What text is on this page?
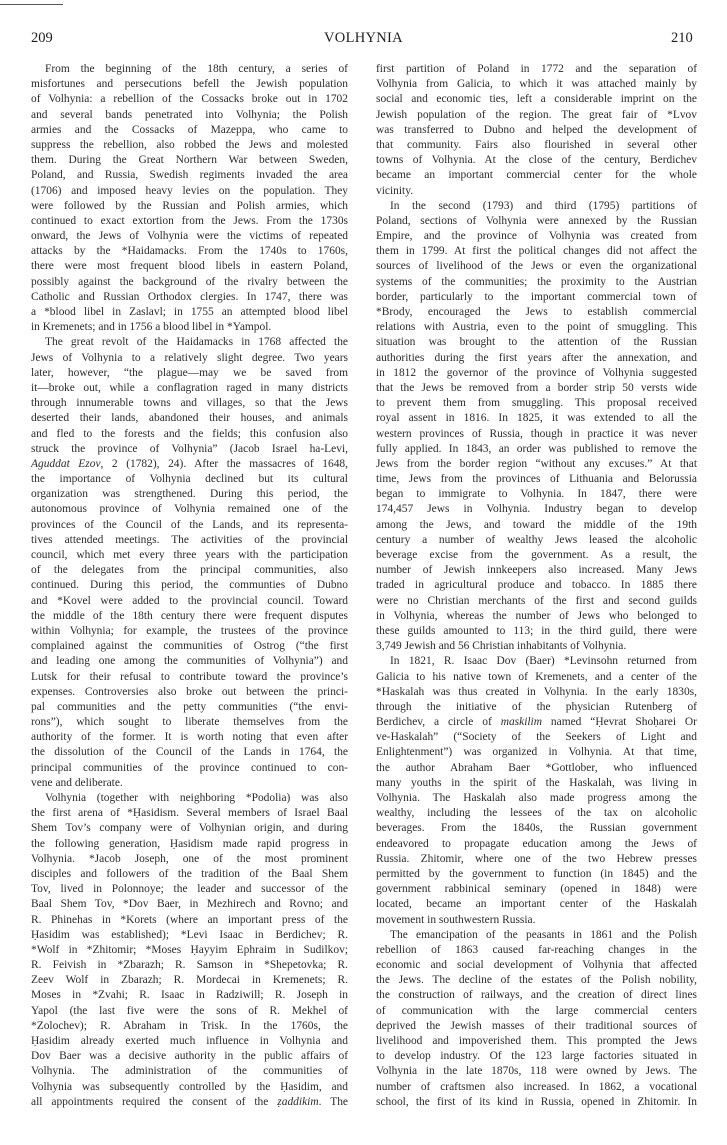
209	VOLHYNIA	210
From the beginning of the 18th century, a series of
misfortunes and persecutions befell the Jewish population
of Volhynia: a rebellion of the Cossacks broke out in 1702
and several bands penetrated into Volhynia; the Polish
armies and the Cossacks of Mazeppa, who came to
suppress the rebellion, also robbed the Jews and molested
them. During the Great Northern War between Sweden,
Poland, and Russia, Swedish regiments invaded the area
(1706) and imposed heavy levies on the population. They
were followed by the Russian and Polish armies, which
continued to exact extortion from the Jews. From the 1730s
onward, the Jews of Volhynia were the victims of repeated
attacks by the *Haidamacks. From the 1740s to 1760s,
there were most frequent blood libels in eastern Poland,
possibly against the background of the rivalry between the
Catholic and Russian Orthodox clergies. In 1747, there was
a *blood libel in Zaslavl; in 1755 an attempted blood libel
in Kremenets; and in 1756 a blood libel in *Yampol.
The great revolt of the Haidamacks in 1768 affected the
Jews of Volhynia to a relatively slight degree. Two years
later, however, “the plague—may we be saved from
it—broke out, while a conflagration raged in many districts
through innumerable towns and villages, so that the Jews
deserted their lands, abandoned their houses, and animals
and fled to the forests and the fields; this confusion also
struck the province of Volhynia” (Jacob Israel ha-Levi,
Aguddat Ezov, 2 (1782), 24). After the massacres of 1648,
the importance of Volhynia declined but its cultural
organization was strengthened. During this period, the
autonomous province of Volhynia remained one of the
provinces of the Council of the Lands, and its representa-
tives attended meetings. The activities of the provincial
council, which met every three years with the participation
of the delegates from the principal communities, also
continued. During this period, the communties of Dubno
and *Kovel were added to the provincial council. Toward
the middle of the 18th century there were frequent disputes
within Volhynia; for example, the trustees of the province
complained against the communities of Ostrog (“the first
and leading one among the communities of Volhynia”) and
Lutsk for their refusal to contribute toward the province’s
expenses. Controversies also broke out between the princi-
pal communities and the petty communities (“the envi-
rons”), which sought to liberate themselves from the
authority of the former. It is worth noting that even after
the dissolution of the Council of the Lands in 1764, the
principal communities of the province continued to con-
vene and deliberate.
Volhynia (together with neighboring *Podolia) was also
the first arena of *Ḥasidism. Several members of Israel Baal
Shem Tov’s company were of Volhynian origin, and during
the following generation, Ḥasidism made rapid progress in
Volhynia. *Jacob Joseph, one of the most prominent
disciples and followers of the tradition of the Baal Shem
Tov, lived in Polonnoye; the leader and successor of the
Baal Shem Tov, *Dov Baer, in Mezhirech and Rovno; and
R. Phinehas in *Korets (where an important press of the
Ḥasidim was established); *Levi Isaac in Berdichev; R.
*Wolf in *Zhitomir; *Moses Ḥayyim Ephraim in Sudilkov;
R. Feivish in *Zbarazh; R. Samson in *Shepetovka; R.
Zeev Wolf in Zbarazh; R. Mordecai in Kremenets; R.
Moses in *Zvahi; R. Isaac in Radziwill; R. Joseph in
Yapol (the last five were the sons of R. Mekhel of
*Zolochev); R. Abraham in Trisk. In the 1760s, the
Ḥasidim already exerted much influence in Volhynia and
Dov Baer was a decisive authority in the public affairs of
Volhynia. The administration of the communities of
Volhynia was subsequently controlled by the Ḥasidim, and
all appointments required the consent of the ẓaddikim. The
first partition of Poland in 1772 and the separation of
Volhynia from Galicia, to which it was attached mainly by
social and economic ties, left a considerable imprint on the
Jewish population of the region. The great fair of *Lvov
was transferred to Dubno and helped the development of
that community. Fairs also flourished in several other
towns of Volhynia. At the close of the century, Berdichev
became an important commercial center for the whole
vicinity.
In the second (1793) and third (1795) partitions of
Poland, sections of Volhynia were annexed by the Russian
Empire, and the province of Volhynia was created from
them in 1799. At first the political changes did not affect the
sources of livelihood of the Jews or even the organizational
systems of the communities; the proximity to the Austrian
border, particularly to the important commercial town of
*Brody, encouraged the Jews to establish commercial
relations with Austria, even to the point of smuggling. This
situation was brought to the attention of the Russian
authorities during the first years after the annexation, and
in 1812 the governor of the province of Volhynia suggested
that the Jews be removed from a border strip 50 versts wide
to prevent them from smuggling. This proposal received
royal assent in 1816. In 1825, it was extended to all the
western provinces of Russia, though in practice it was never
fully applied. In 1843, an order was published to remove the
Jews from the border region “without any excuses.” At that
time, Jews from the provinces of Lithuania and Belorussia
began to immigrate to Volhynia. In 1847, there were
174,457 Jews in Volhynia. Industry began to develop
among the Jews, and toward the middle of the 19th
century a number of wealthy Jews leased the alcoholic
beverage excise from the government. As a result, the
number of Jewish innkeepers also increased. Many Jews
traded in agricultural produce and tobacco. In 1885 there
were no Christian merchants of the first and second guilds
in Volhynia, whereas the number of Jews who belonged to
these guilds amounted to 113; in the third guild, there were
3,749 Jewish and 56 Christian inhabitants of Volhynia.
In 1821, R. Isaac Dov (Baer) *Levinsohn returned from
Galicia to his native town of Kremenets, and a center of the
*Haskalah was thus created in Volhynia. In the early 1830s,
through the initiative of the physician Rutenberg of
Berdichev, a circle of maskilim named “Ḥevrat Shoḥarei Or
ve-Haskalah” (“Society of the Seekers of Light and
Enlightenment”) was organized in Volhynia. At that time,
the author Abraham Baer *Gottlober, who influenced
many youths in the spirit of the Haskalah, was living in
Volhynia. The Haskalah also made progress among the
wealthy, including the lessees of the tax on alcoholic
beverages. From the 1840s, the Russian government
endeavored to propagate education among the Jews of
Russia. Zhitomir, where one of the two Hebrew presses
permitted by the government to function (in 1845) and the
government rabbinical seminary (opened in 1848) were
located, became an important center of the Haskalah
movement in southwestern Russia.
The emancipation of the peasants in 1861 and the Polish
rebellion of 1863 caused far-reaching changes in the
economic and social development of Volhynia that affected
the Jews. The decline of the estates of the Polish nobility,
the construction of railways, and the creation of direct lines
of communication with the large commercial centers
deprived the Jewish masses of their traditional sources of
livelihood and impoverished them. This prompted the Jews
to develop industry. Of the 123 large factories situated in
Volhynia in the late 1870s, 118 were owned by Jews. The
number of craftsmen also increased. In 1862, a vocational
school, the first of its kind in Russia, opened in Zhitomir. In
